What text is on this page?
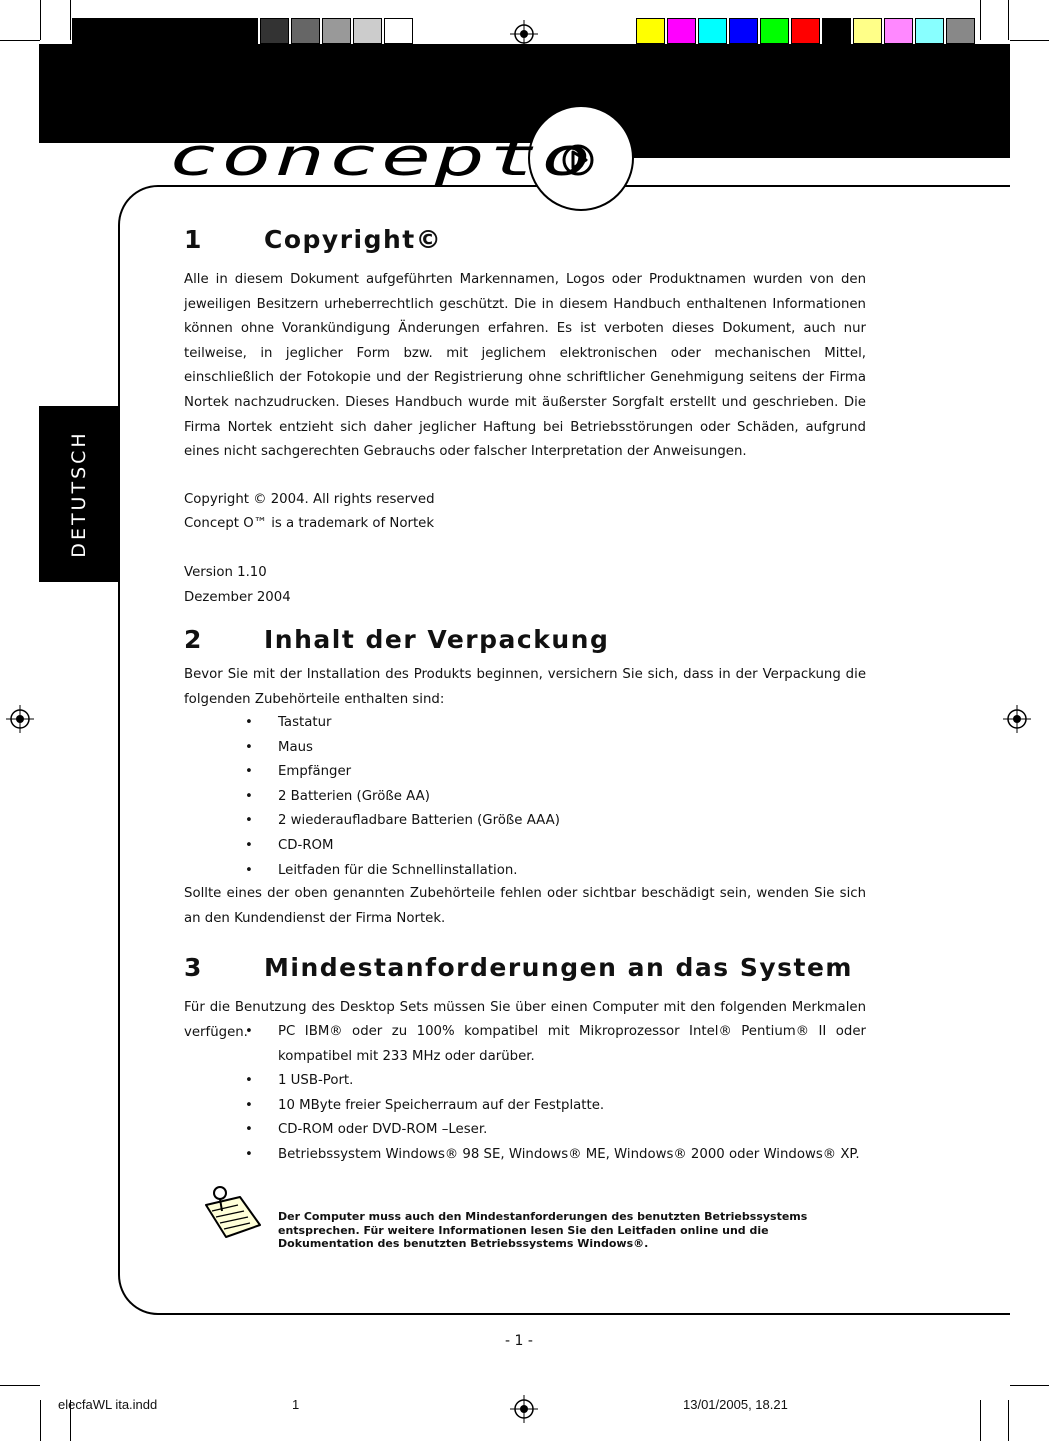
concepto
DETUTSCH
1 Copyright©
Alle in diesem Dokument aufgeführten Markennamen, Logos oder Produktnamen wurden von den jeweiligen Besitzern urheberrechtlich geschützt. Die in diesem Handbuch enthaltenen Informationen können ohne Vorankündigung Änderungen erfahren. Es ist verboten dieses Dokument, auch nur teilweise, in jeglicher Form bzw. mit jeglichem elektronischen oder mechanischen Mittel, einschließlich der Fotokopie und der Registrierung ohne schriftlicher Genehmigung seitens der Firma Nortek nachzudrucken. Dieses Handbuch wurde mit äußerster Sorgfalt erstellt und geschrieben. Die Firma Nortek entzieht sich daher jeglicher Haftung bei Betriebsstörungen oder Schäden, aufgrund eines nicht sachgerechten Gebrauchs oder falscher Interpretation der Anweisungen.
Copyright © 2004. All rights reserved
Concept O™ is a trademark of Nortek
Version 1.10
Dezember 2004
2 Inhalt der Verpackung
Bevor Sie mit der Installation des Produkts beginnen, versichern Sie sich, dass in der Verpackung die folgenden Zubehörteile enthalten sind:
• Tastatur
• Maus
• Empfänger
• 2 Batterien (Größe AA)
• 2 wiederaufladbare Batterien (Größe AAA)
• CD-ROM
• Leitfaden für die Schnellinstallation.
Sollte eines der oben genannten Zubehörteile fehlen oder sichtbar beschädigt sein, wenden Sie sich an den Kundendienst der Firma Nortek.
3 Mindestanforderungen an das System
Für die Benutzung des Desktop Sets müssen Sie über einen Computer mit den folgenden Merkmalen verfügen.
•	PC IBM® oder zu 100% kompatibel mit Mikroprozessor Intel® Pentium® II oder kompatibel mit 233 MHz oder darüber.
• 1 USB-Port.
• 10 MByte freier Speicherraum auf der Festplatte.
• CD-ROM oder DVD-ROM –Leser.
• Betriebssystem Windows® 98 SE, Windows® ME, Windows® 2000 oder Windows® XP.
Der Computer muss auch den Mindestanforderungen des benutzten Betriebssystems entsprechen. Für weitere Informationen lesen Sie den Leitfaden online und die Dokumentation des benutzten Betriebssystems Windows®.
- 1 -
elecfaWL ita.indd	1	13/01/2005, 18.21
